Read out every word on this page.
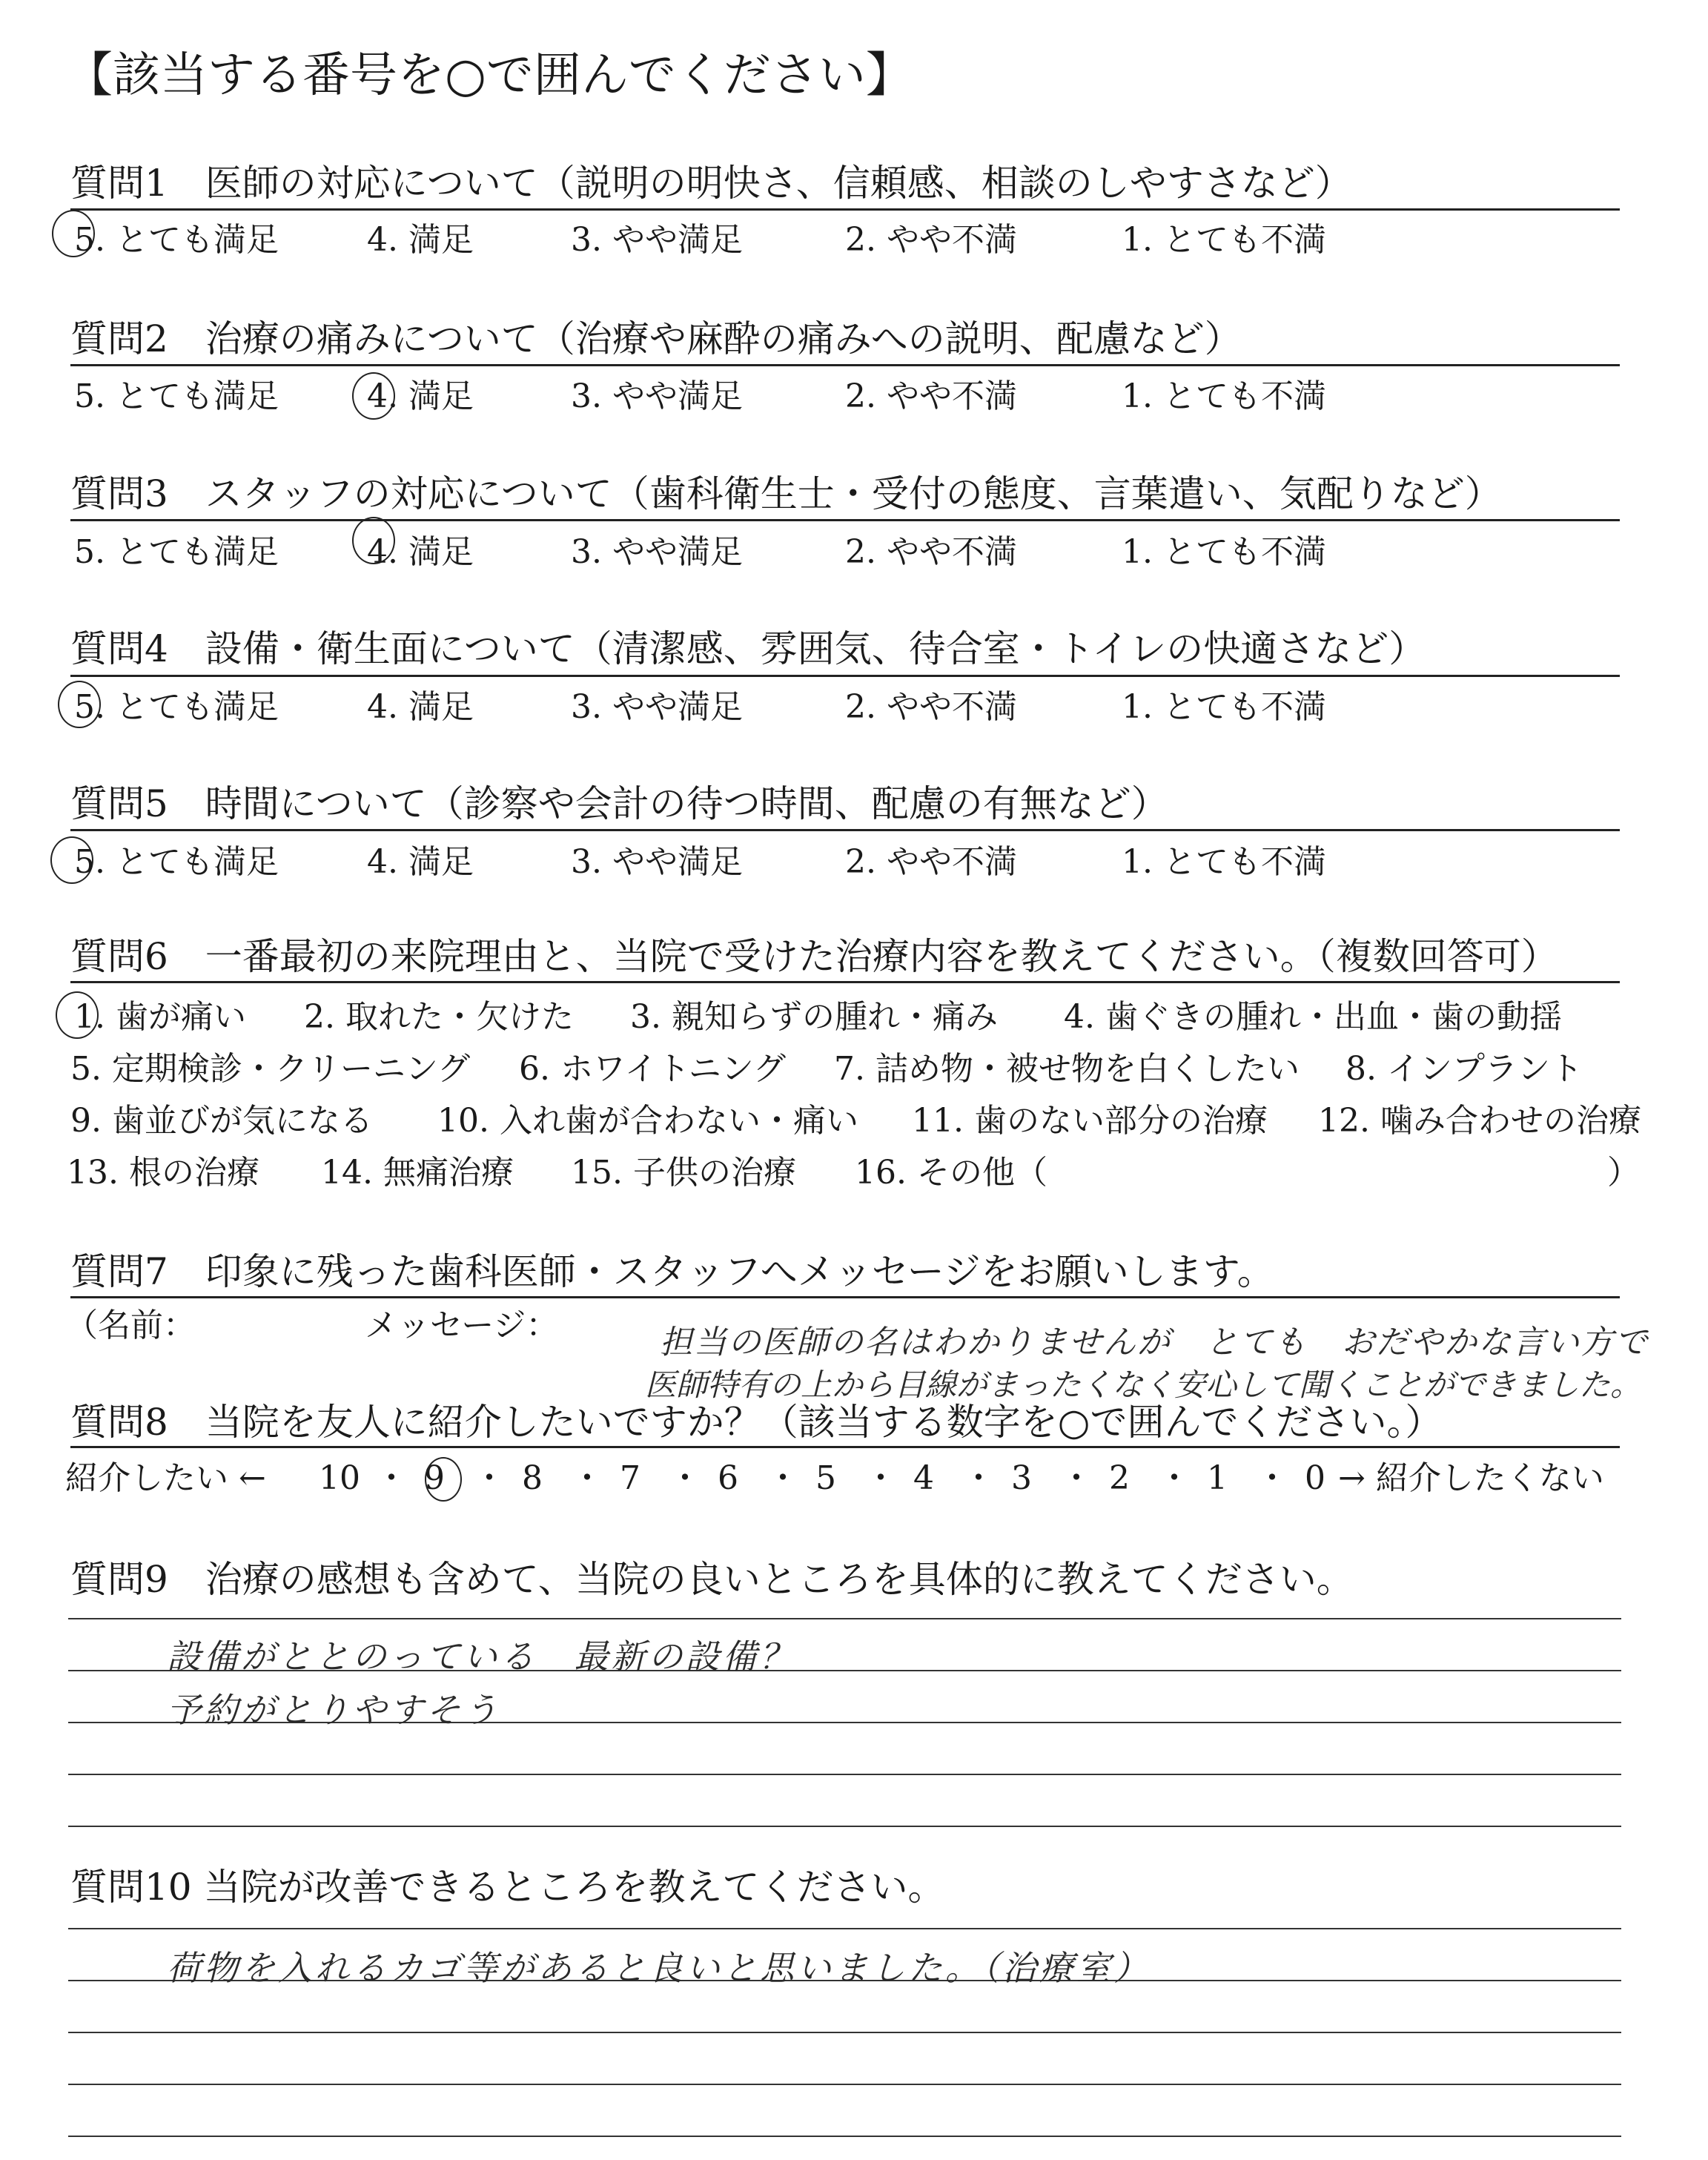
【該当する番号を○で囲んでください】
質問1　医師の対応について（説明の明快さ、信頼感、相談のしやすさなど）
5. とても満足	4. 満足	3. やや満足	2. やや不満	1. とても不満
質問2　治療の痛みについて（治療や麻酔の痛みへの説明、配慮など）
5. とても満足	4. 満足	3. やや満足	2. やや不満	1. とても不満
質問3　スタッフの対応について（歯科衛生士・受付の態度、言葉遣い、気配りなど）
5. とても満足	4. 満足	3. やや満足	2. やや不満	1. とても不満
質問4　設備・衛生面について（清潔感、雰囲気、待合室・トイレの快適さなど）
5. とても満足	4. 満足	3. やや満足	2. やや不満	1. とても不満
質問5　時間について（診察や会計の待つ時間、配慮の有無など）
5. とても満足	4. 満足	3. やや満足	2. やや不満	1. とても不満
質問6　一番最初の来院理由と、当院で受けた治療内容を教えてください。（複数回答可）
1. 歯が痛い 2. 取れた・欠けた 3. 親知らずの腫れ・痛み 4. 歯ぐきの腫れ・出血・歯の動揺
5. 定期検診・クリーニング 6. ホワイトニング 7. 詰め物・被せ物を白くしたい 8. インプラント
9. 歯並びが気になる 10. 入れ歯が合わない・痛い 11. 歯のない部分の治療 12. 噛み合わせの治療
13. 根の治療 14. 無痛治療 15. 子供の治療 16. その他（	）
質問7　印象に残った歯科医師・スタッフへメッセージをお願いします。
（名前：	メッセージ：	担当の医師の名はわかりませんが　とても　おだやかな言い方で
医師特有の上から目線がまったくなく安心して聞くことができました。
質問8　当院を友人に紹介したいですか？（該当する数字を○で囲んでください。）
紹介したい ← 10 ・ 9 ・ 8 ・ 7 ・ 6 ・ 5 ・ 4 ・ 3 ・ 2 ・ 1 ・ 0 → 紹介したくない
質問9　治療の感想も含めて、当院の良いところを具体的に教えてください。
設備がととのっている　最新の設備？
予約がとりやすそう
質問10 当院が改善できるところを教えてください。
荷物を入れるカゴ等があると良いと思いました。（治療室）
